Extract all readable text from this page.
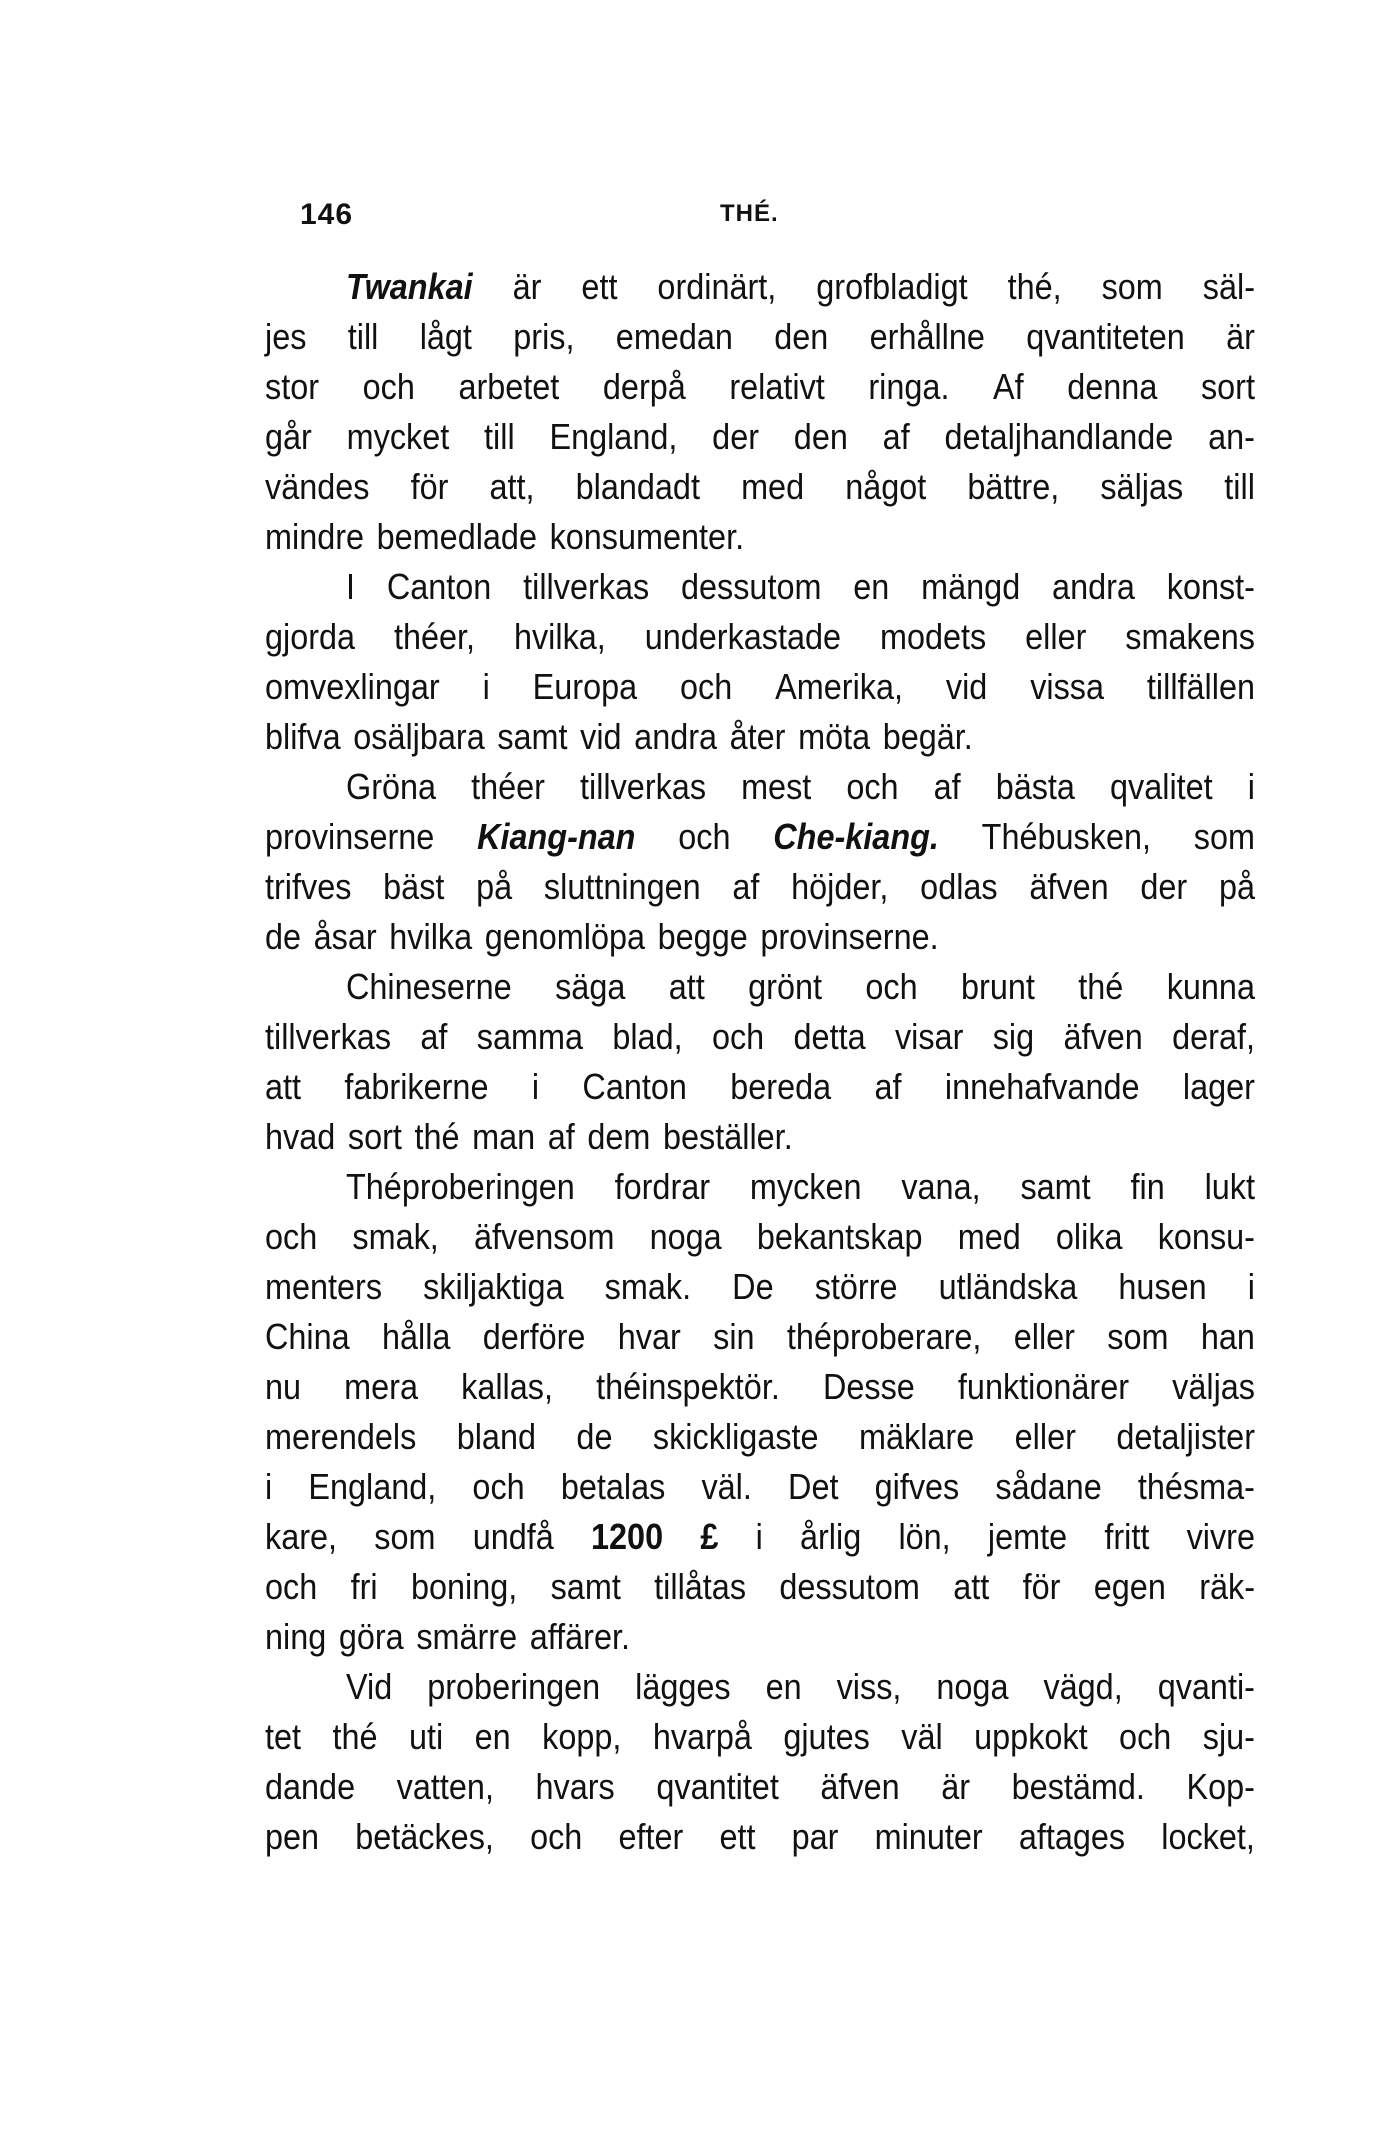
146	THÉ.
Twankai är ett ordinärt, grofbladigt thé, som säl-
jes till lågt pris, emedan den erhållne qvantiteten är
stor och arbetet derpå relativt ringa. Af denna sort
går mycket till England, der den af detaljhandlande an-
vändes för att, blandadt med något bättre, säljas till
mindre bemedlade konsumenter.
I Canton tillverkas dessutom en mängd andra konst-
gjorda théer, hvilka, underkastade modets eller smakens
omvexlingar i Europa och Amerika, vid vissa tillfällen
blifva osäljbara samt vid andra åter möta begär.
Gröna théer tillverkas mest och af bästa qvalitet i
provinserne Kiang-nan och Che-kiang. Thébusken, som
trifves bäst på sluttningen af höjder, odlas äfven der på
de åsar hvilka genomlöpa begge provinserne.
Chineserne säga att grönt och brunt thé kunna
tillverkas af samma blad, och detta visar sig äfven deraf,
att fabrikerne i Canton bereda af innehafvande lager
hvad sort thé man af dem beställer.
Théproberingen fordrar mycken vana, samt fin lukt
och smak, äfvensom noga bekantskap med olika konsu-
menters skiljaktiga smak. De större utländska husen i
China hålla derföre hvar sin théproberare, eller som han
nu mera kallas, théinspektör. Desse funktionärer väljas
merendels bland de skickligaste mäklare eller detaljister
i England, och betalas väl. Det gifves sådane thésma-
kare, som undfå 1200 £ i årlig lön, jemte fritt vivre
och fri boning, samt tillåtas dessutom att för egen räk-
ning göra smärre affärer.
Vid proberingen lägges en viss, noga vägd, qvanti-
tet thé uti en kopp, hvarpå gjutes väl uppkokt och sju-
dande vatten, hvars qvantitet äfven är bestämd. Kop-
pen betäckes, och efter ett par minuter aftages locket,
